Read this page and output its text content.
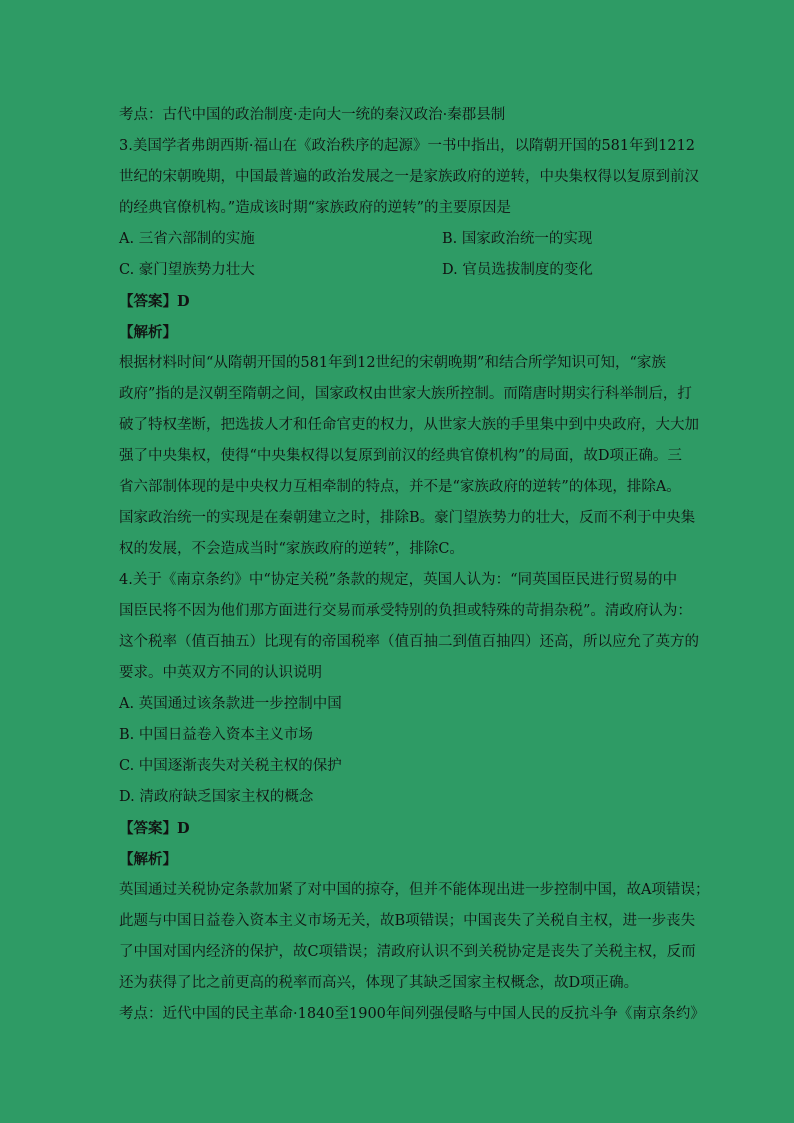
考点：古代中国的政治制度·走向大一统的秦汉政治·秦郡县制
3.美国学者弗朗西斯·福山在《政治秩序的起源》一书中指出，以隋朝开国的581年到1212
世纪的宋朝晚期，中国最普遍的政治发展之一是家族政府的逆转，中央集权得以复原到前汉
的经典官僚机构。”造成该时期“家族政府的逆转”的主要原因是
A. 三省六部制的实施	B. 国家政治统一的实现
C. 豪门望族势力壮大	D. 官员选拔制度的变化
【答案】D
【解析】
根据材料时间“从隋朝开国的581年到12世纪的宋朝晚期”和结合所学知识可知，“家族
政府”指的是汉朝至隋朝之间，国家政权由世家大族所控制。而隋唐时期实行科举制后，打
破了特权垄断，把选拔人才和任命官吏的权力，从世家大族的手里集中到中央政府，大大加
强了中央集权，使得“中央集权得以复原到前汉的经典官僚机构”的局面，故D项正确。三
省六部制体现的是中央权力互相牵制的特点，并不是“家族政府的逆转”的体现，排除A。
国家政治统一的实现是在秦朝建立之时，排除B。豪门望族势力的壮大，反而不利于中央集
权的发展，不会造成当时“家族政府的逆转”，排除C。
4.关于《南京条约》中“协定关税”条款的规定，英国人认为：“同英国臣民进行贸易的中
国臣民将不因为他们那方面进行交易而承受特别的负担或特殊的苛捐杂税”。清政府认为：
这个税率（值百抽五）比现有的帝国税率（值百抽二到值百抽四）还高，所以应允了英方的
要求。中英双方不同的认识说明
A. 英国通过该条款进一步控制中国
B. 中国日益卷入资本主义市场
C. 中国逐渐丧失对关税主权的保护
D. 清政府缺乏国家主权的概念
【答案】D
【解析】
英国通过关税协定条款加紧了对中国的掠夺，但并不能体现出进一步控制中国，故A项错误；
此题与中国日益卷入资本主义市场无关，故B项错误；中国丧失了关税自主权，进一步丧失
了中国对国内经济的保护，故C项错误；清政府认识不到关税协定是丧失了关税主权，反而
还为获得了比之前更高的税率而高兴，体现了其缺乏国家主权概念，故D项正确。
考点：近代中国的民主革命·1840至1900年间列强侵略与中国人民的反抗斗争《南京条约》
